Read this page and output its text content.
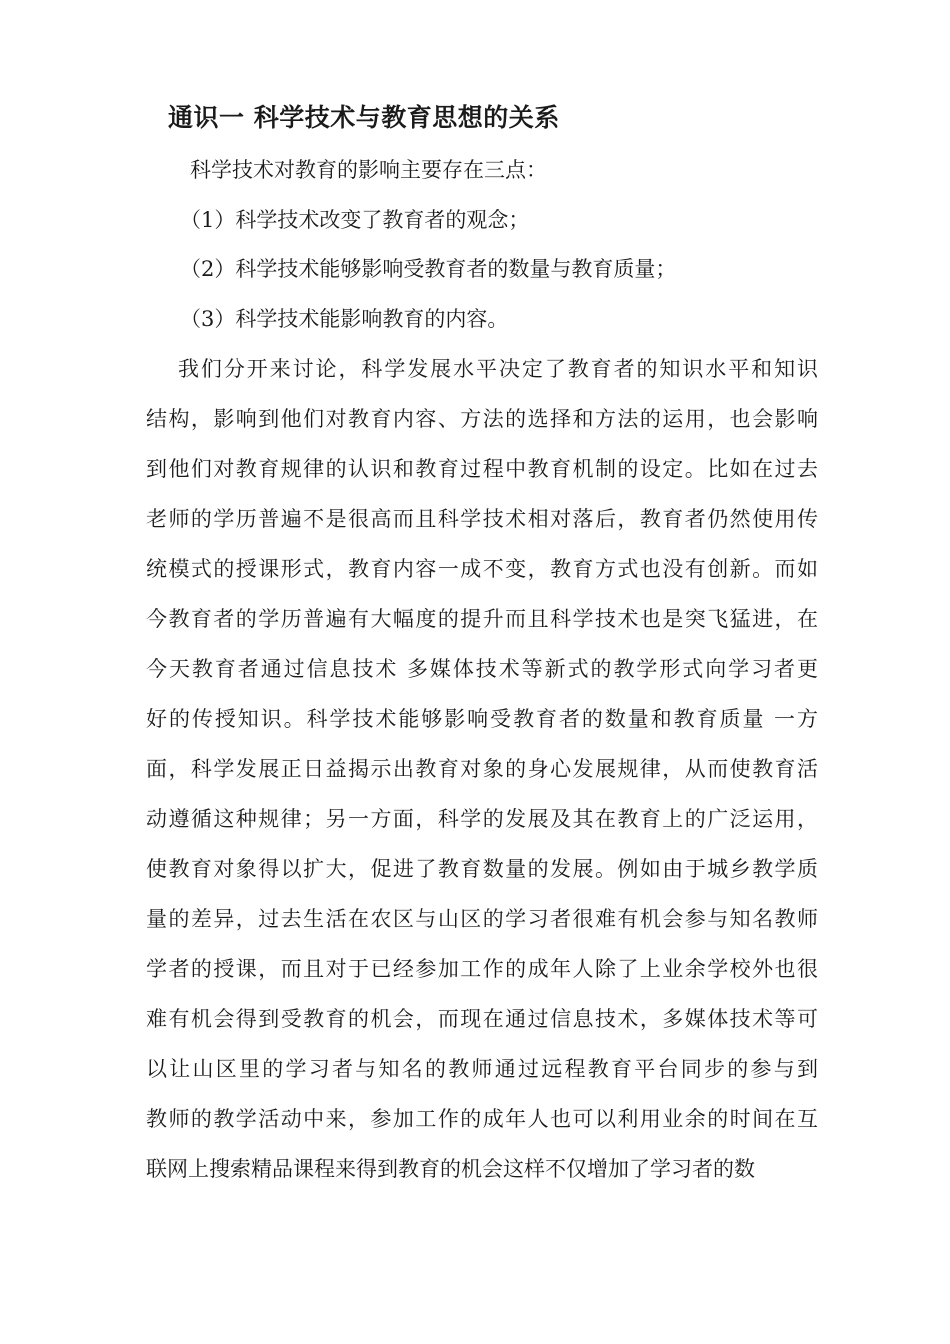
通识一 科学技术与教育思想的关系
科学技术对教育的影响主要存在三点：
（1）科学技术改变了教育者的观念；
（2）科学技术能够影响受教育者的数量与教育质量；
（3）科学技术能影响教育的内容。
我们分开来讨论，科学发展水平决定了教育者的知识水平和知识
结构，影响到他们对教育内容、方法的选择和方法的运用，也会影响
到他们对教育规律的认识和教育过程中教育机制的设定。比如在过去
老师的学历普遍不是很高而且科学技术相对落后，教育者仍然使用传
统模式的授课形式，教育内容一成不变，教育方式也没有创新。而如
今教育者的学历普遍有大幅度的提升而且科学技术也是突飞猛进，在
今天教育者通过信息技术 多媒体技术等新式的教学形式向学习者更
好的传授知识。科学技术能够影响受教育者的数量和教育质量 一方
面，科学发展正日益揭示出教育对象的身心发展规律，从而使教育活
动遵循这种规律；另一方面，科学的发展及其在教育上的广泛运用，
使教育对象得以扩大，促进了教育数量的发展。例如由于城乡教学质
量的差异，过去生活在农区与山区的学习者很难有机会参与知名教师
学者的授课，而且对于已经参加工作的成年人除了上业余学校外也很
难有机会得到受教育的机会，而现在通过信息技术，多媒体技术等可
以让山区里的学习者与知名的教师通过远程教育平台同步的参与到
教师的教学活动中来，参加工作的成年人也可以利用业余的时间在互
联网上搜索精品课程来得到教育的机会这样不仅增加了学习者的数
